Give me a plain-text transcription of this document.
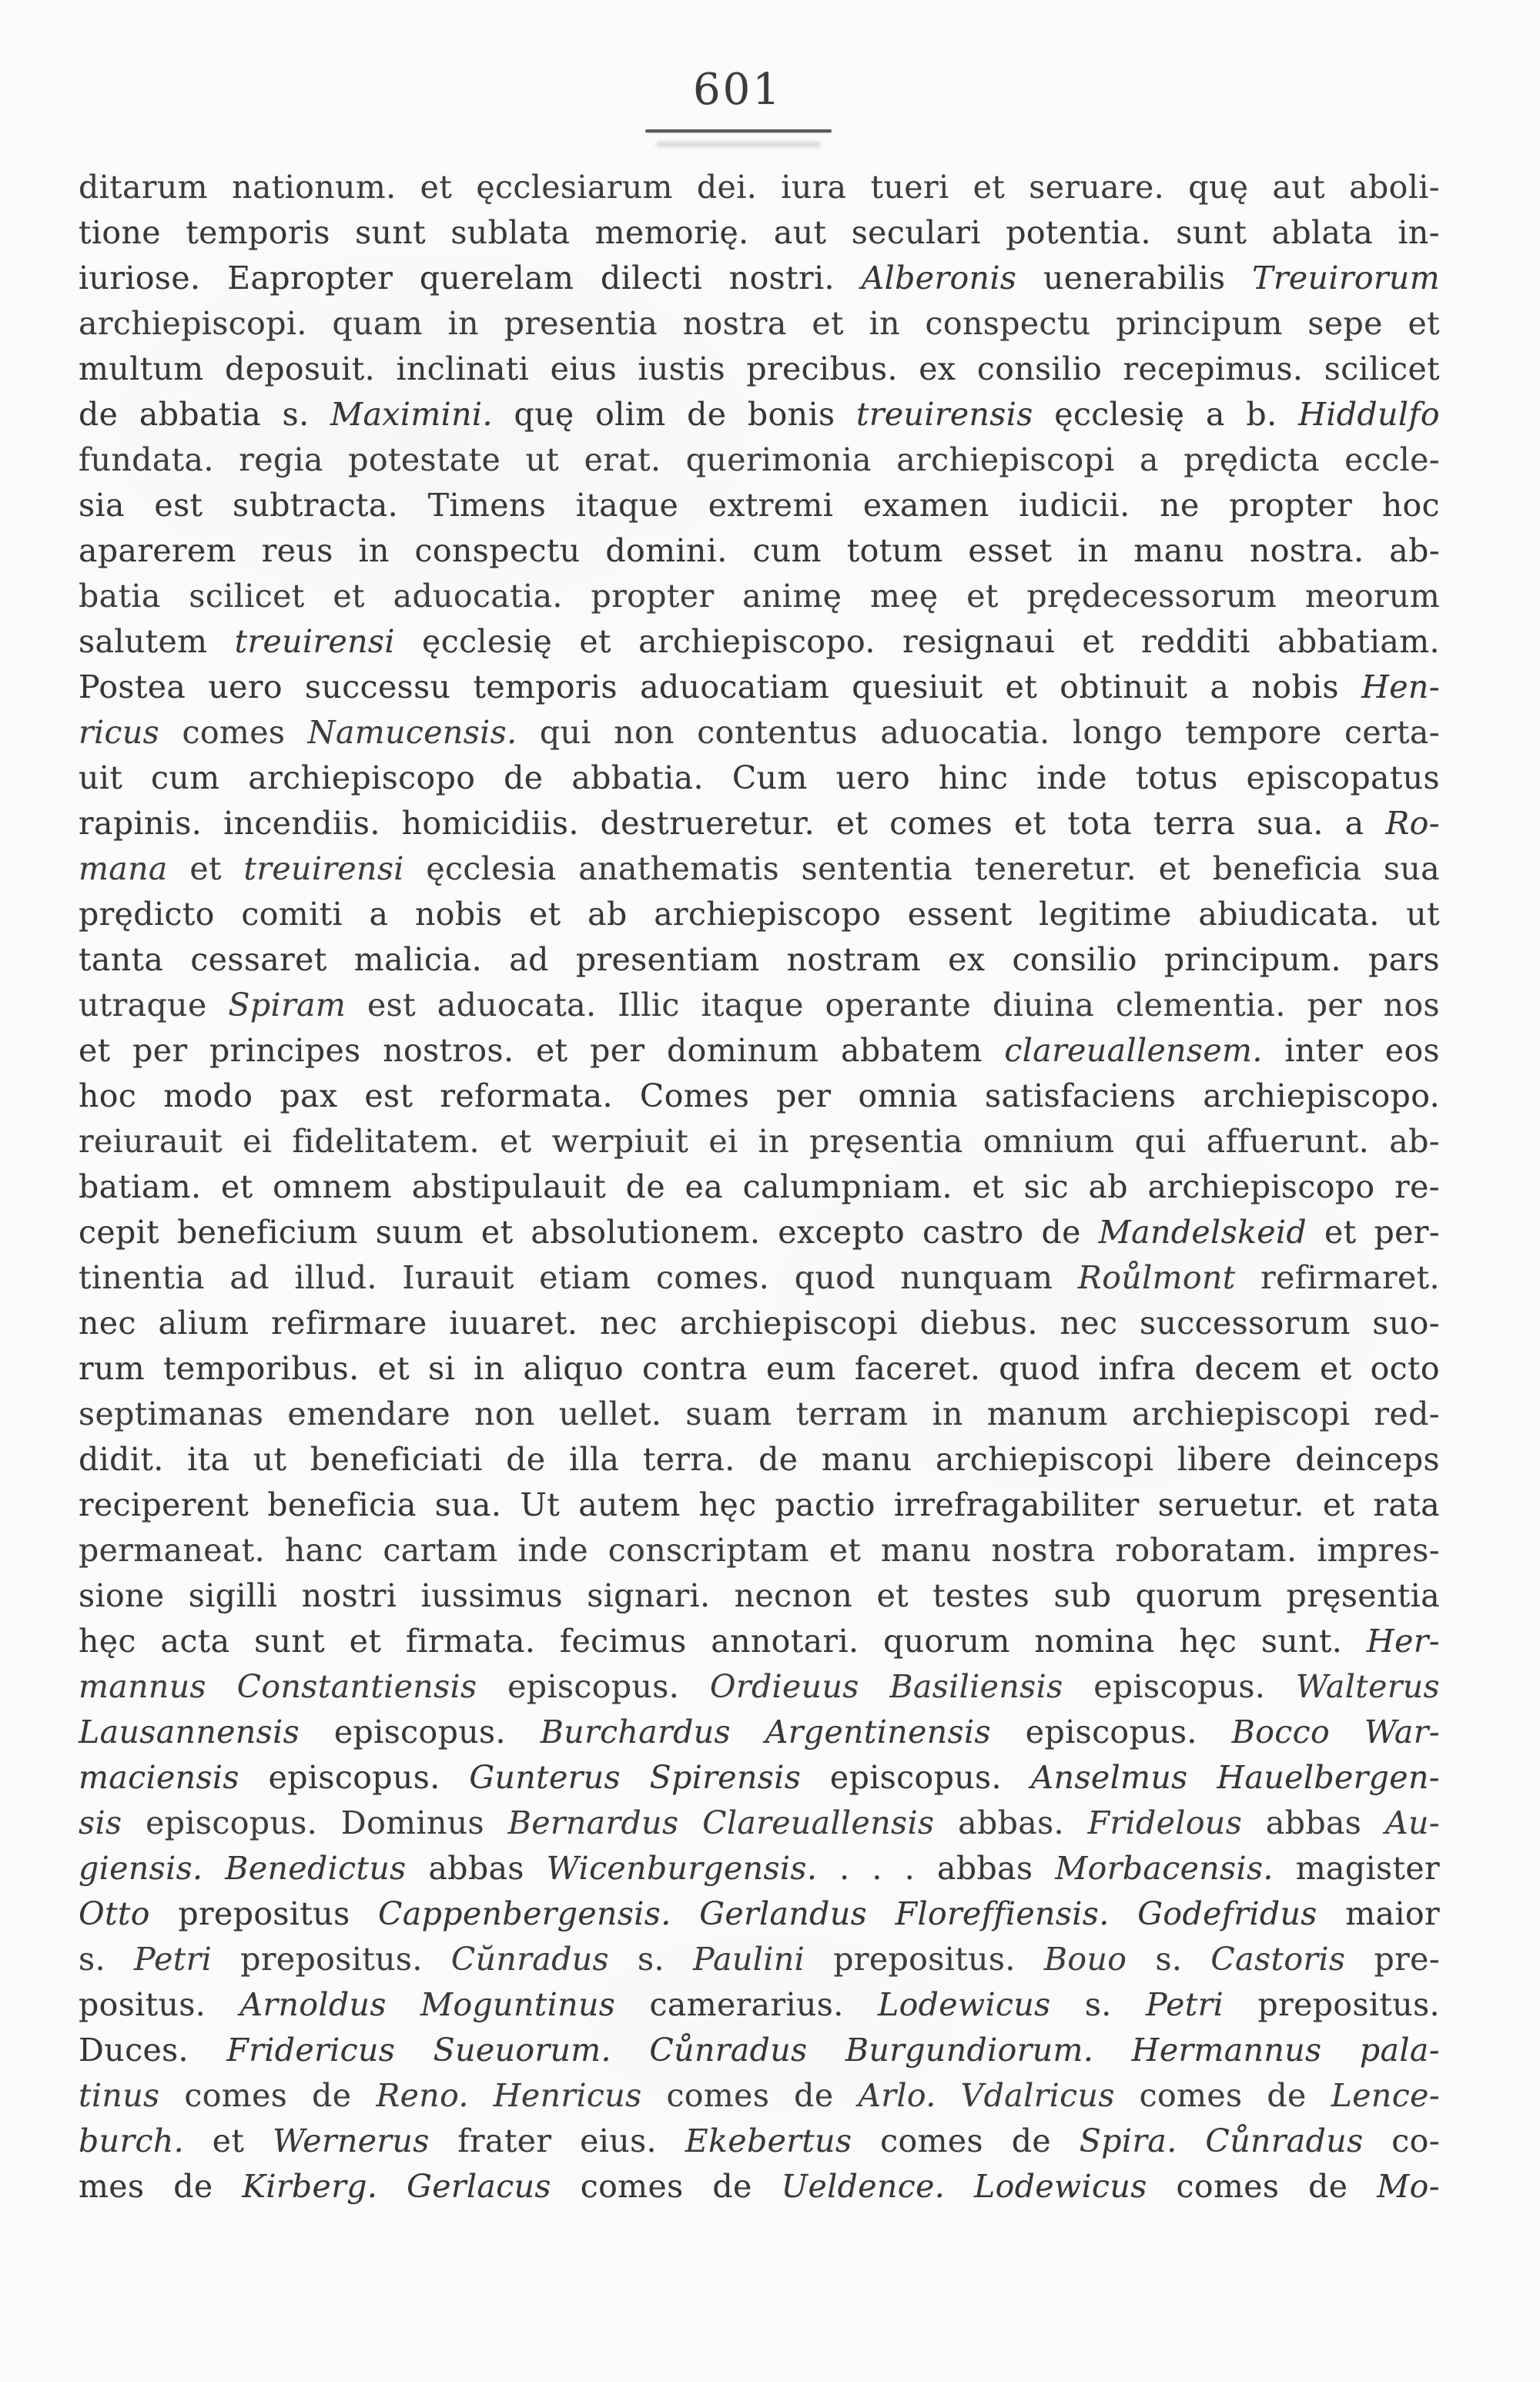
601
ditarum nationum. et ęcclesiarum dei. iura tueri et seruare. quę aut aboli-
tione temporis sunt sublata memorię. aut seculari potentia. sunt ablata in-
iuriose. Eapropter querelam dilecti nostri. Alberonis uenerabilis Treuirorum
archiepiscopi. quam in presentia nostra et in conspectu principum sepe et
multum deposuit. inclinati eius iustis precibus. ex consilio recepimus. scilicet
de abbatia s. Maximini. quę olim de bonis treuirensis ęcclesię a b. Hiddulfo
fundata. regia potestate ut erat. querimonia archiepiscopi a prędicta eccle-
sia est subtracta. Timens itaque extremi examen iudicii. ne propter hoc
aparerem reus in conspectu domini. cum totum esset in manu nostra. ab-
batia scilicet et aduocatia. propter animę meę et prędecessorum meorum
salutem treuirensi ęcclesię et archiepiscopo. resignaui et redditi abbatiam.
Postea uero successu temporis aduocatiam quesiuit et obtinuit a nobis Hen-
ricus comes Namucensis. qui non contentus aduocatia. longo tempore certa-
uit cum archiepiscopo de abbatia. Cum uero hinc inde totus episcopatus
rapinis. incendiis. homicidiis. destrueretur. et comes et tota terra sua. a Ro-
mana et treuirensi ęcclesia anathematis sententia teneretur. et beneficia sua
prędicto comiti a nobis et ab archiepiscopo essent legitime abiudicata. ut
tanta cessaret malicia. ad presentiam nostram ex consilio principum. pars
utraque Spiram est aduocata. Illic itaque operante diuina clementia. per nos
et per principes nostros. et per dominum abbatem clareuallensem. inter eos
hoc modo pax est reformata. Comes per omnia satisfaciens archiepiscopo.
reiurauit ei fidelitatem. et werpiuit ei in pręsentia omnium qui affuerunt. ab-
batiam. et omnem abstipulauit de ea calumpniam. et sic ab archiepiscopo re-
cepit beneficium suum et absolutionem. excepto castro de Mandelskeid et per-
tinentia ad illud. Iurauit etiam comes. quod nunquam Roůlmont refirmaret.
nec alium refirmare iuuaret. nec archiepiscopi diebus. nec successorum suo-
rum temporibus. et si in aliquo contra eum faceret. quod infra decem et octo
septimanas emendare non uellet. suam terram in manum archiepiscopi red-
didit. ita ut beneficiati de illa terra. de manu archiepiscopi libere deinceps
reciperent beneficia sua. Ut autem hęc pactio irrefragabiliter seruetur. et rata
permaneat. hanc cartam inde conscriptam et manu nostra roboratam. impres-
sione sigilli nostri iussimus signari. necnon et testes sub quorum pręsentia
hęc acta sunt et firmata. fecimus annotari. quorum nomina hęc sunt. Her-
mannus Constantiensis episcopus. Ordieuus Basiliensis episcopus. Walterus
Lausannensis episcopus. Burchardus Argentinensis episcopus. Bocco War-
maciensis episcopus. Gunterus Spirensis episcopus. Anselmus Hauelbergen-
sis episcopus. Dominus Bernardus Clareuallensis abbas. Fridelous abbas Au-
giensis. Benedictus abbas Wicenburgensis. . . . abbas Morbacensis. magister
Otto prepositus Cappenbergensis. Gerlandus Floreffiensis. Godefridus maior
s. Petri prepositus. Cŭnradus s. Paulini prepositus. Bouo s. Castoris pre-
positus. Arnoldus Moguntinus camerarius. Lodewicus s. Petri prepositus.
Duces. Fridericus Sueuorum. Cůnradus Burgundiorum. Hermannus pala-
tinus comes de Reno. Henricus comes de Arlo. Vdalricus comes de Lence-
burch. et Wernerus frater eius. Ekebertus comes de Spira. Cůnradus co-
mes de Kirberg. Gerlacus comes de Ueldence. Lodewicus comes de Mo-
